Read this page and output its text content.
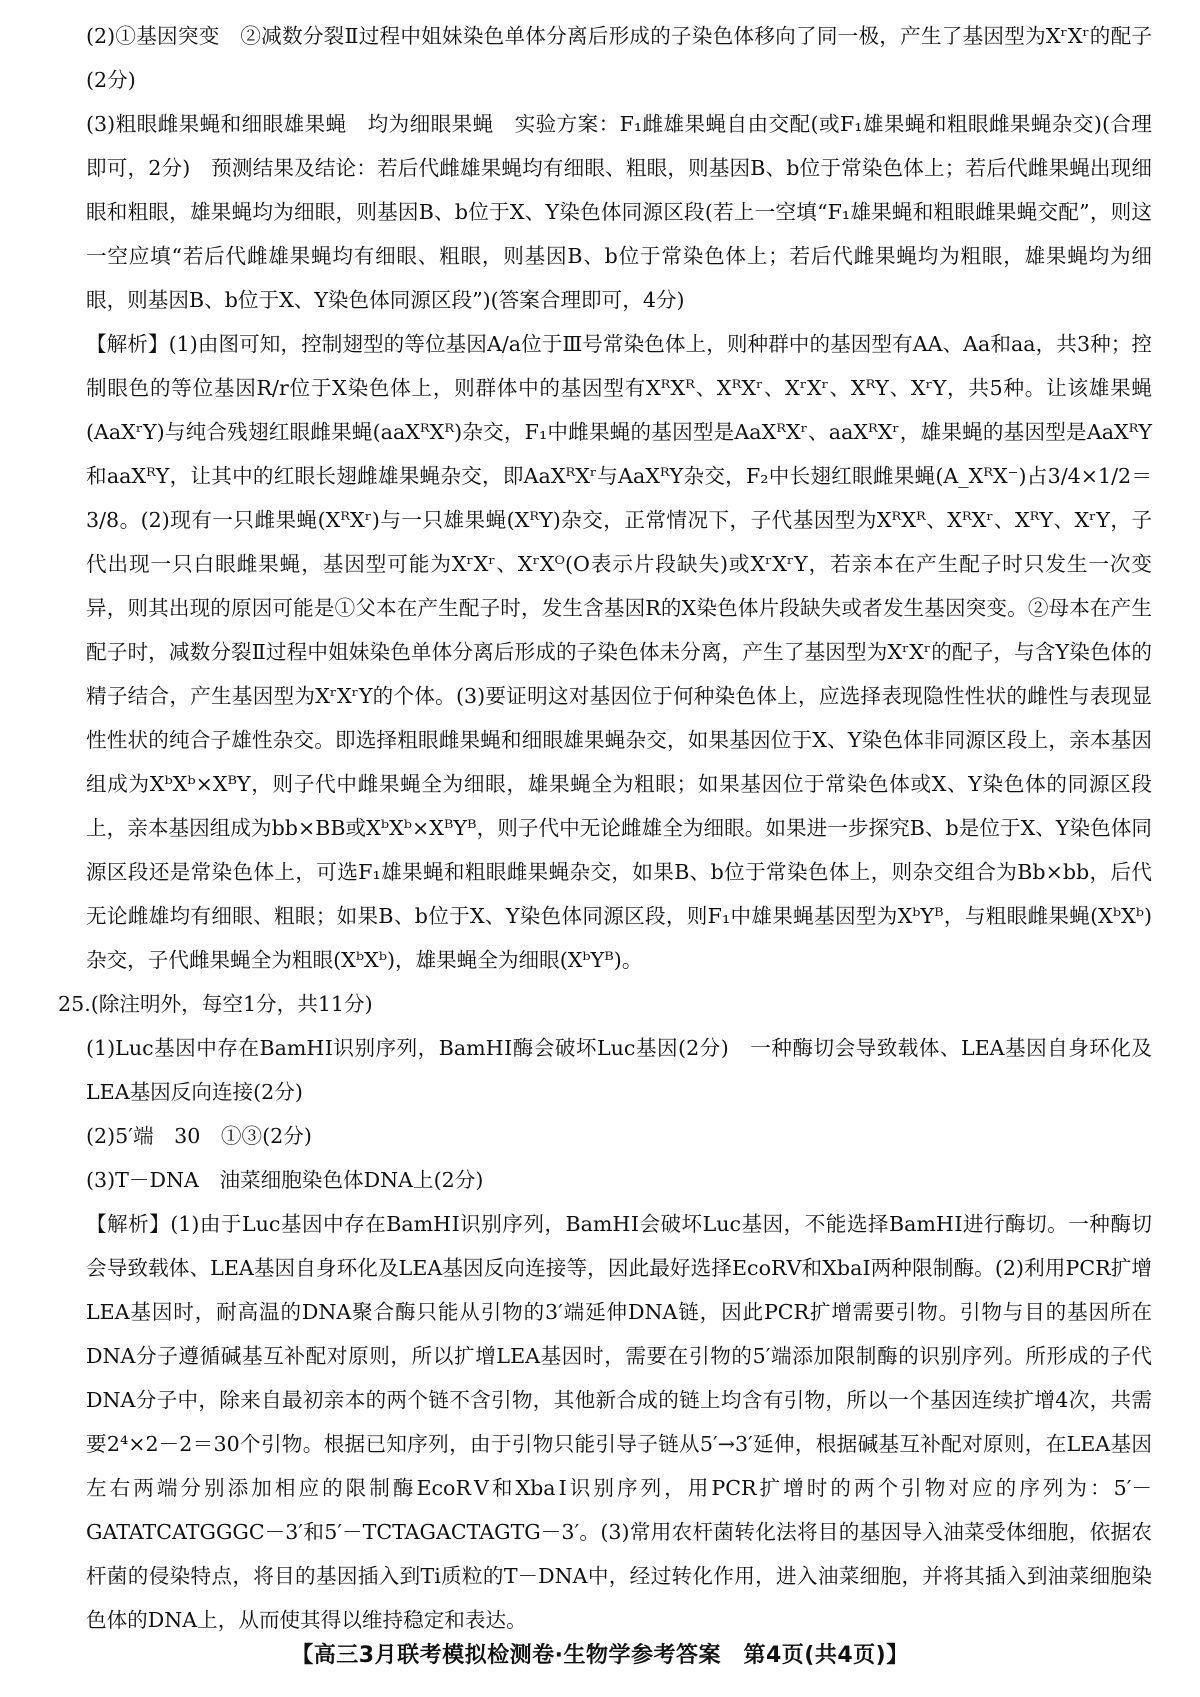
(2)①基因突变　②减数分裂Ⅱ过程中姐妹染色单体分离后形成的子染色体移向了同一极，产生了基因型为XʳXʳ的配子(2分)

(3)粗眼雌果蝇和细眼雄果蝇　均为细眼果蝇　实验方案：F₁雌雄果蝇自由交配(或F₁雄果蝇和粗眼雌果蝇杂交)(合理即可，2分)　预测结果及结论：若后代雌雄果蝇均有细眼、粗眼，则基因B、b位于常染色体上；若后代雌果蝇出现细眼和粗眼，雄果蝇均为细眼，则基因B、b位于X、Y染色体同源区段(若上一空填“F₁雄果蝇和粗眼雌果蝇交配”，则这一空应填“若后代雌雄果蝇均有细眼、粗眼，则基因B、b位于常染色体上；若后代雌果蝇均为粗眼，雄果蝇均为细眼，则基因B、b位于X、Y染色体同源区段”)(答案合理即可，4分)

【解析】(1)由图可知，控制翅型的等位基因A/a位于Ⅲ号常染色体上，则种群中的基因型有AA、Aa和aa，共3种；控制眼色的等位基因R/r位于X染色体上，则群体中的基因型有XᴿXᴿ、XᴿXʳ、XʳXʳ、XᴿY、XʳY，共5种。让该雄果蝇(AaXʳY)与纯合残翅红眼雌果蝇(aaXᴿXᴿ)杂交，F₁中雌果蝇的基因型是AaXᴿXʳ、aaXᴿXʳ，雄果蝇的基因型是AaXᴿY和aaXᴿY，让其中的红眼长翅雌雄果蝇杂交，即AaXᴿXʳ与AaXᴿY杂交，F₂中长翅红眼雌果蝇(A_XᴿX⁻)占3/4×1/2＝3/8。(2)现有一只雌果蝇(XᴿXʳ)与一只雄果蝇(XᴿY)杂交，正常情况下，子代基因型为XᴿXᴿ、XᴿXʳ、XᴿY、XʳY，子代出现一只白眼雌果蝇，基因型可能为XʳXʳ、XʳXᴼ(O表示片段缺失)或XʳXʳY，若亲本在产生配子时只发生一次变异，则其出现的原因可能是①父本在产生配子时，发生含基因R的X染色体片段缺失或者发生基因突变。②母本在产生配子时，减数分裂Ⅱ过程中姐妹染色单体分离后形成的子染色体未分离，产生了基因型为XʳXʳ的配子，与含Y染色体的精子结合，产生基因型为XʳXʳY的个体。(3)要证明这对基因位于何种染色体上，应选择表现隐性性状的雌性与表现显性性状的纯合子雄性杂交。即选择粗眼雌果蝇和细眼雄果蝇杂交，如果基因位于X、Y染色体非同源区段上，亲本基因组成为XᵇXᵇ×XᴮY，则子代中雌果蝇全为细眼，雄果蝇全为粗眼；如果基因位于常染色体或X、Y染色体的同源区段上，亲本基因组成为bb×BB或XᵇXᵇ×XᴮYᴮ，则子代中无论雌雄全为细眼。如果进一步探究B、b是位于X、Y染色体同源区段还是常染色体上，可选F₁雄果蝇和粗眼雌果蝇杂交，如果B、b位于常染色体上，则杂交组合为Bb×bb，后代无论雌雄均有细眼、粗眼；如果B、b位于X、Y染色体同源区段，则F₁中雄果蝇基因型为XᵇYᴮ，与粗眼雌果蝇(XᵇXᵇ)杂交，子代雌果蝇全为粗眼(XᵇXᵇ)，雄果蝇全为细眼(XᵇYᴮ)。

25.(除注明外，每空1分，共11分)

(1)Luc基因中存在BamHⅠ识别序列，BamHⅠ酶会破坏Luc基因(2分)　一种酶切会导致载体、LEA基因自身环化及LEA基因反向连接(2分)

(2)5′端　30　①③(2分)

(3)T－DNA　油菜细胞染色体DNA上(2分)

【解析】(1)由于Luc基因中存在BamHⅠ识别序列，BamHⅠ会破坏Luc基因，不能选择BamHⅠ进行酶切。一种酶切会导致载体、LEA基因自身环化及LEA基因反向连接等，因此最好选择EcoRⅤ和XbaⅠ两种限制酶。(2)利用PCR扩增LEA基因时，耐高温的DNA聚合酶只能从引物的3′端延伸DNA链，因此PCR扩增需要引物。引物与目的基因所在DNA分子遵循碱基互补配对原则，所以扩增LEA基因时，需要在引物的5′端添加限制酶的识别序列。所形成的子代DNA分子中，除来自最初亲本的两个链不含引物，其他新合成的链上均含有引物，所以一个基因连续扩增4次，共需要2⁴×2－2＝30个引物。根据已知序列，由于引物只能引导子链从5′→3′延伸，根据碱基互补配对原则，在LEA基因左右两端分别添加相应的限制酶EcoRⅤ和XbaⅠ识别序列，用PCR扩增时的两个引物对应的序列为：5′－GATATCATGGGC－3′和5′－TCTAGACTAGTG－3′。(3)常用农杆菌转化法将目的基因导入油菜受体细胞，依据农杆菌的侵染特点，将目的基因插入到Ti质粒的T－DNA中，经过转化作用，进入油菜细胞，并将其插入到油菜细胞染色体的DNA上，从而使其得以维持稳定和表达。

【高三3月联考模拟检测卷·生物学参考答案　第4页(共4页)】
